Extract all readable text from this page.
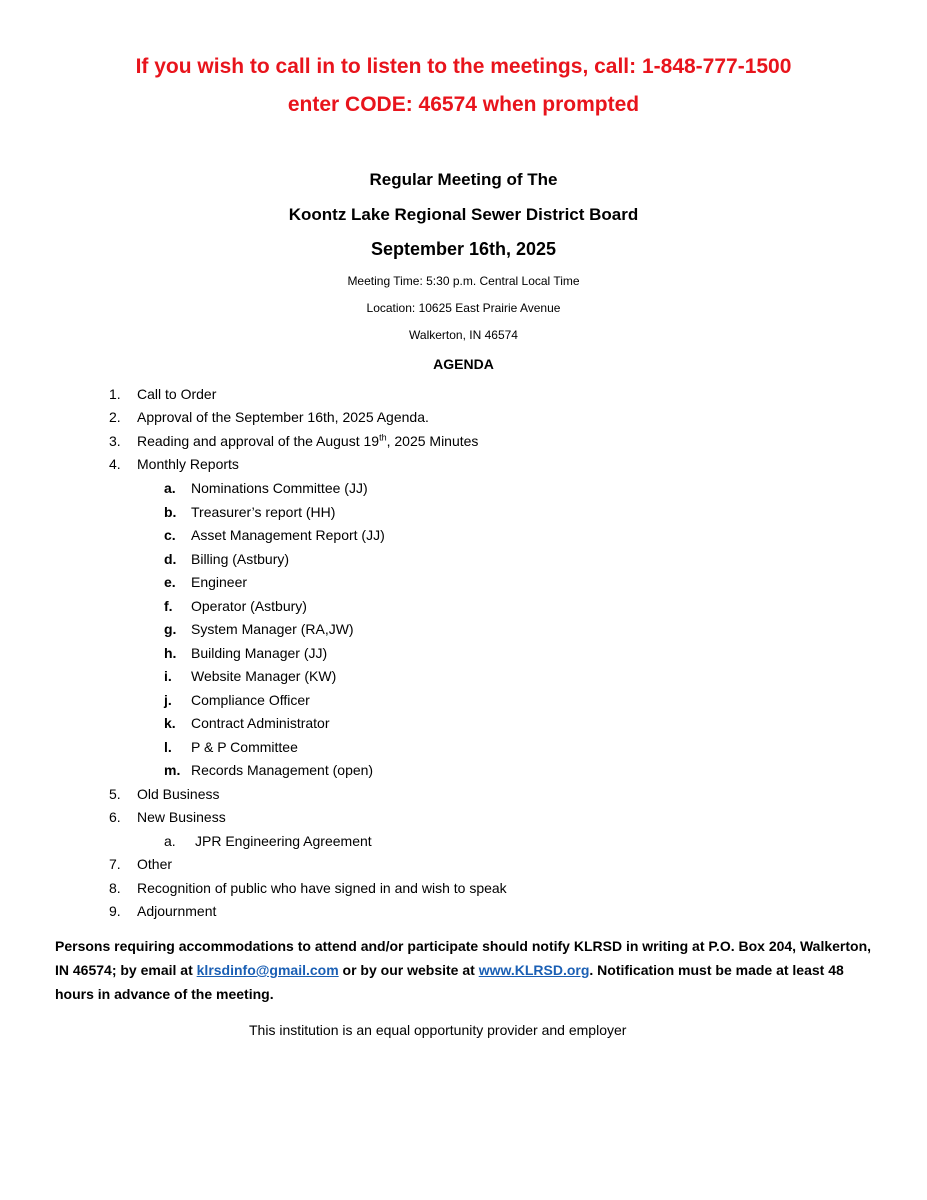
If you wish to call in to listen to the meetings, call: 1-848-777-1500
enter CODE: 46574 when prompted
Regular Meeting of The
Koontz Lake Regional Sewer District Board
September 16th, 2025
Meeting Time: 5:30 p.m. Central Local Time
Location: 10625 East Prairie Avenue
Walkerton, IN 46574
AGENDA
1. Call to Order
2. Approval of the September 16th, 2025 Agenda.
3. Reading and approval of the August 19th, 2025 Minutes
4. Monthly Reports
a. Nominations Committee (JJ)
b. Treasurer’s report (HH)
c. Asset Management Report (JJ)
d. Billing (Astbury)
e. Engineer
f. Operator (Astbury)
g. System Manager (RA,JW)
h. Building Manager (JJ)
i. Website Manager (KW)
j. Compliance Officer
k. Contract Administrator
l. P & P Committee
m. Records Management (open)
5. Old Business
6. New Business
a. JPR Engineering Agreement
7. Other
8. Recognition of public who have signed in and wish to speak
9. Adjournment
Persons requiring accommodations to attend and/or participate should notify KLRSD in writing at P.O. Box 204, Walkerton, IN 46574; by email at klrsdinfo@gmail.com or by our website at www.KLRSD.org. Notification must be made at least 48 hours in advance of the meeting.
This institution is an equal opportunity provider and employer
